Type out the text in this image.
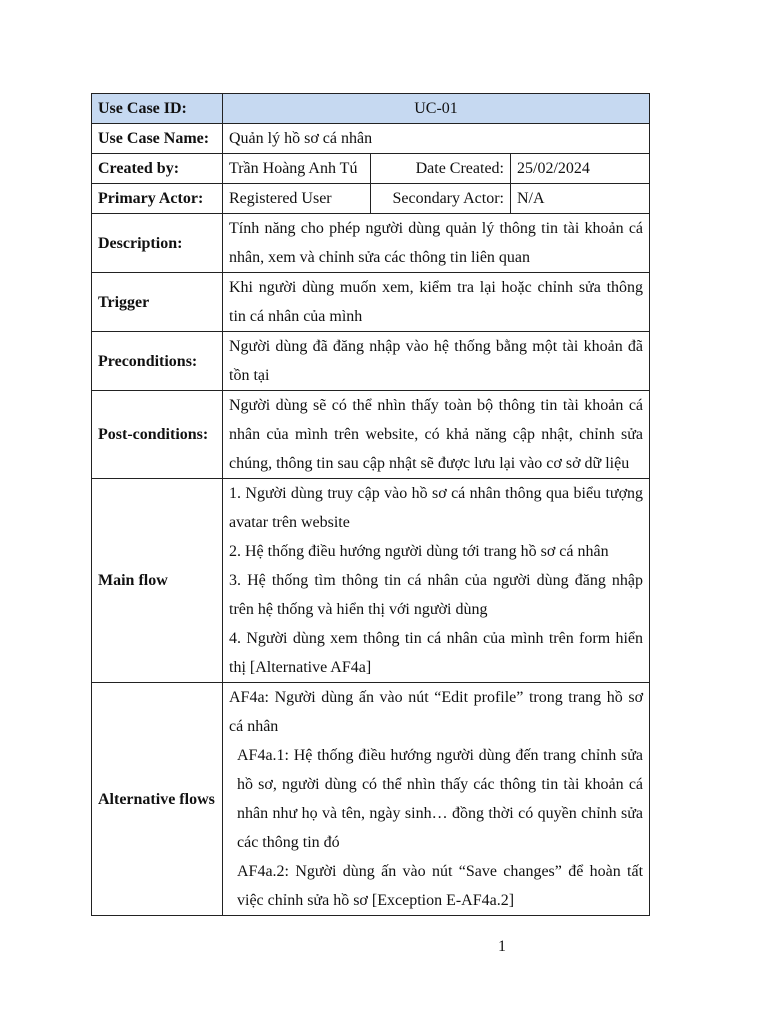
Use Case ID:	UC-01		
Use Case Name:	Quản lý hồ sơ cá nhân		
Created by:	Trần Hoàng Anh Tú	Date Created:	25/02/2024
Primary Actor:	Registered User	Secondary Actor:	N/A
Description:	Tính năng cho phép người dùng quản lý thông tin tài khoản cá nhân, xem và chỉnh sửa các thông tin liên quan		
Trigger	Khi người dùng muốn xem, kiểm tra lại hoặc chỉnh sửa thông tin cá nhân của mình		
Preconditions:	Người dùng đã đăng nhập vào hệ thống bằng một tài khoản đã tồn tại		
Post-conditions:	Người dùng sẽ có thể nhìn thấy toàn bộ thông tin tài khoản cá nhân của mình trên website, có khả năng cập nhật, chỉnh sửa chúng, thông tin sau cập nhật sẽ được lưu lại vào cơ sở dữ liệu		
Main flow	1. Người dùng truy cập vào hồ sơ cá nhân thông qua biểu tượng avatar trên website

2. Hệ thống điều hướng người dùng tới trang hồ sơ cá nhân

3. Hệ thống tìm thông tin cá nhân của người dùng đăng nhập trên hệ thống và hiển thị với người dùng

4. Người dùng xem thông tin cá nhân của mình trên form hiển thị [Alternative AF4a]		

Alternative flows	AF4a: Người dùng ấn vào nút “Edit profile” trong trang hồ sơ cá nhân

AF4a.1: Hệ thống điều hướng người dùng đến trang chỉnh sửa hồ sơ, người dùng có thể nhìn thấy các thông tin tài khoản cá nhân như họ và tên, ngày sinh… đồng thời có quyền chỉnh sửa các thông tin đó

AF4a.2: Người dùng ấn vào nút “Save changes” để hoàn tất việc chỉnh sửa hồ sơ [Exception E-AF4a.2]		

1
